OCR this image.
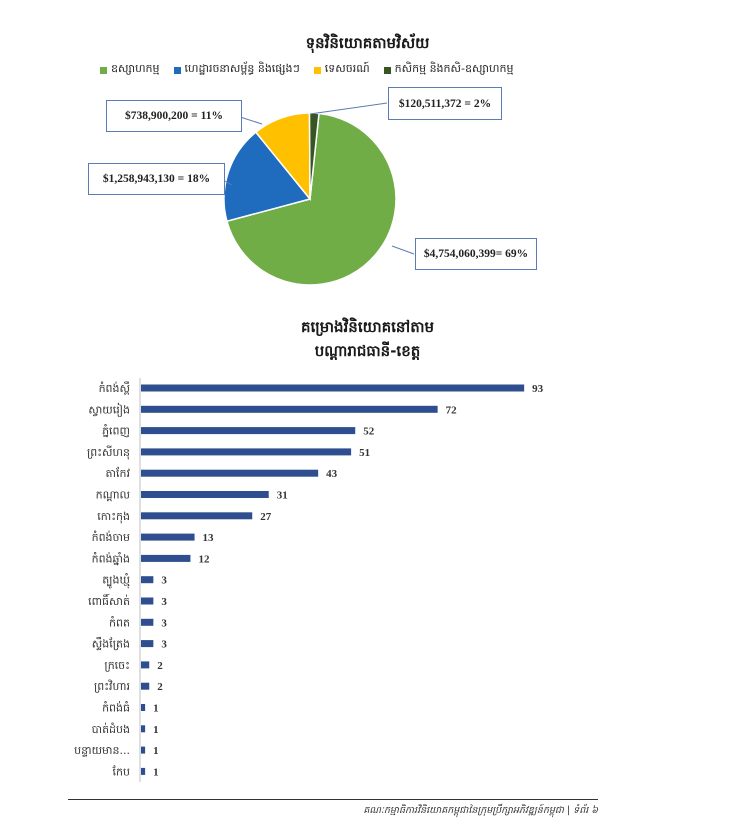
ទុនវិនិយោគតាមវិស័យ
ឧស្សាហកម្ម ហេដ្ឋារចនាសម្ព័ន្ធ និងផ្សេងៗ ទេសចរណ៍ កសិកម្ម និងកសិ-ឧស្សាហកម្ម
$4,754,060,399= 69%
$1,258,943,130 = 18%
$738,900,200 = 11%
$120,511,372 = 2%
គម្រោងវិនិយោគនៅតាម
បណ្ដារាជធានី-ខេត្ត
កំពង់ស្ពឺ	93
ស្វាយរៀង	72
ភ្នំពេញ	52
ព្រះសីហនុ	51
តាកែវ	43
កណ្ដាល	31
កោះកុង	27
កំពង់ចាម	13
កំពង់ឆ្នាំង	12
ត្បូងឃ្មុំ	3
ពោធិ៍សាត់	3
កំពត	3
ស្ទឹងត្រែង	3
ក្រចេះ 2
ព្រះវិហារ 2
កំពង់ធំ 1
បាត់ដំបង 1
បន្ទាយមាន... 1
កែប 1
គណៈកម្មាធិការវិនិយោគកម្ពុជានៃក្រុមប្រឹក្សាអភិវឌ្ឍន៍កម្ពុជា | ទំព័រ ៦
